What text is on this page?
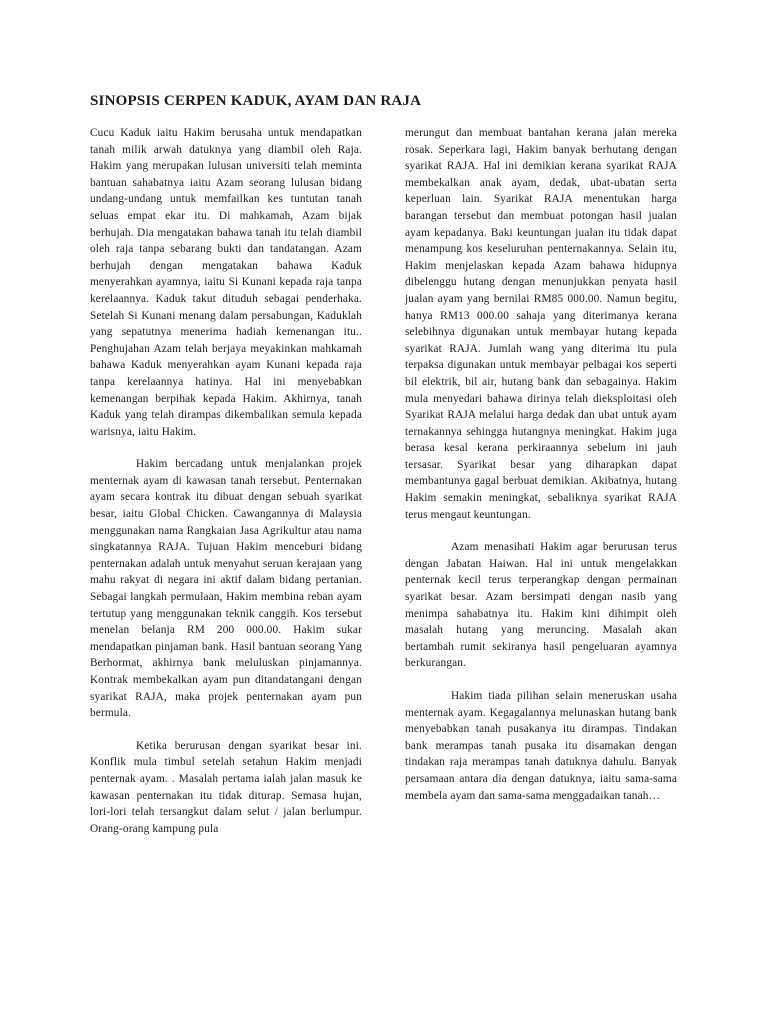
SINOPSIS CERPEN KADUK, AYAM DAN RAJA

Cucu Kaduk iaitu Hakim berusaha untuk mendapatkan tanah milik arwah datuknya yang diambil oleh Raja. Hakim yang merupakan lulusan universiti telah meminta bantuan sahabatnya iaitu Azam seorang lulusan bidang undang-undang untuk memfailkan kes tuntutan tanah seluas empat ekar itu. Di mahkamah, Azam bijak berhujah. Dia mengatakan bahawa tanah itu telah diambil oleh raja tanpa sebarang bukti dan tandatangan. Azam berhujah dengan mengatakan bahawa Kaduk menyerahkan ayamnya, iaitu Si Kunani kepada raja tanpa kerelaannya. Kaduk takut dituduh sebagai penderhaka. Setelah Si Kunani menang dalam persabungan, Kaduklah yang sepatutnya menerima hadiah kemenangan itu.. Penghujahan Azam telah berjaya meyakinkan mahkamah bahawa Kaduk menyerahkan ayam Kunani kepada raja tanpa kerelaannya hatinya. Hal ini menyebabkan kemenangan berpihak kepada Hakim. Akhirnya, tanah Kaduk yang telah dirampas dikembalikan semula kepada warisnya, iaitu Hakim.

Hakim bercadang untuk menjalankan projek menternak ayam di kawasan tanah tersebut. Penternakan ayam secara kontrak itu dibuat dengan sebuah syarikat besar, iaitu Global Chicken. Cawangannya di Malaysia menggunakan nama Rangkaian Jasa Agrikultur atau nama singkatannya RAJA. Tujuan Hakim menceburi bidang penternakan adalah untuk menyahut seruan kerajaan yang mahu rakyat di negara ini aktif dalam bidang pertanian. Sebagai langkah permulaan, Hakim membina reban ayam tertutup yang menggunakan teknik canggih. Kos tersebut menelan belanja RM 200 000.00. Hakim sukar mendapatkan pinjaman bank. Hasil bantuan seorang Yang Berhormat, akhirnya bank meluluskan pinjamannya. Kontrak membekalkan ayam pun ditandatangani dengan syarikat RAJA, maka projek penternakan ayam pun bermula.

Ketika berurusan dengan syarikat besar ini. Konflik mula timbul setelah setahun Hakim menjadi penternak ayam. . Masalah pertama ialah jalan masuk ke kawasan penternakan itu tidak diturap. Semasa hujan, lori-lori telah tersangkut dalam selut / jalan berlumpur. Orang-orang kampung pula

merungut dan membuat bantahan kerana jalan mereka rosak. Seperkara lagi, Hakim banyak berhutang dengan syarikat RAJA. Hal ini demikian kerana syarikat RAJA membekalkan anak ayam, dedak, ubat-ubatan serta keperluan lain. Syarikat RAJA menentukan harga barangan tersebut dan membuat potongan hasil jualan ayam kepadanya. Baki keuntungan jualan itu tidak dapat menampung kos keseluruhan penternakannya. Selain itu, Hakim menjelaskan kepada Azam bahawa hidupnya dibelenggu hutang dengan menunjukkan penyata hasil jualan ayam yang bernilai RM85 000.00. Namun begitu, hanya RM13 000.00 sahaja yang diterimanya kerana selebihnya digunakan untuk membayar hutang kepada syarikat RAJA. Jumlah wang yang diterima itu pula terpaksa digunakan untuk membayar pelbagai kos seperti bil elektrik, bil air, hutang bank dan sebagainya. Hakim mula menyedari bahawa dirinya telah dieksploitasi oleh Syarikat RAJA melalui harga dedak dan ubat untuk ayam ternakannya sehingga hutangnya meningkat. Hakim juga berasa kesal kerana perkiraannya sebelum ini jauh tersasar. Syarikat besar yang diharapkan dapat membantunya gagal berbuat demikian. Akibatnya, hutang Hakim semakin meningkat, sebaliknya syarikat RAJA terus mengaut keuntungan.

Azam menasihati Hakim agar berurusan terus dengan Jabatan Haiwan. Hal ini untuk mengelakkan penternak kecil terus terperangkap dengan permainan syarikat besar. Azam bersimpati dengan nasib yang menimpa sahabatnya itu. Hakim kini dihimpit oleh masalah hutang yang meruncing. Masalah akan bertambah rumit sekiranya hasil pengeluaran ayamnya berkurangan.

Hakim tiada pilihan selain meneruskan usaha menternak ayam. Kegagalannya melunaskan hutang bank menyebabkan tanah pusakanya itu dirampas. Tindakan bank merampas tanah pusaka itu disamakan dengan tindakan raja merampas tanah datuknya dahulu. Banyak persamaan antara dia dengan datuknya, iaitu sama-sama membela ayam dan sama-sama menggadaikan tanah…
